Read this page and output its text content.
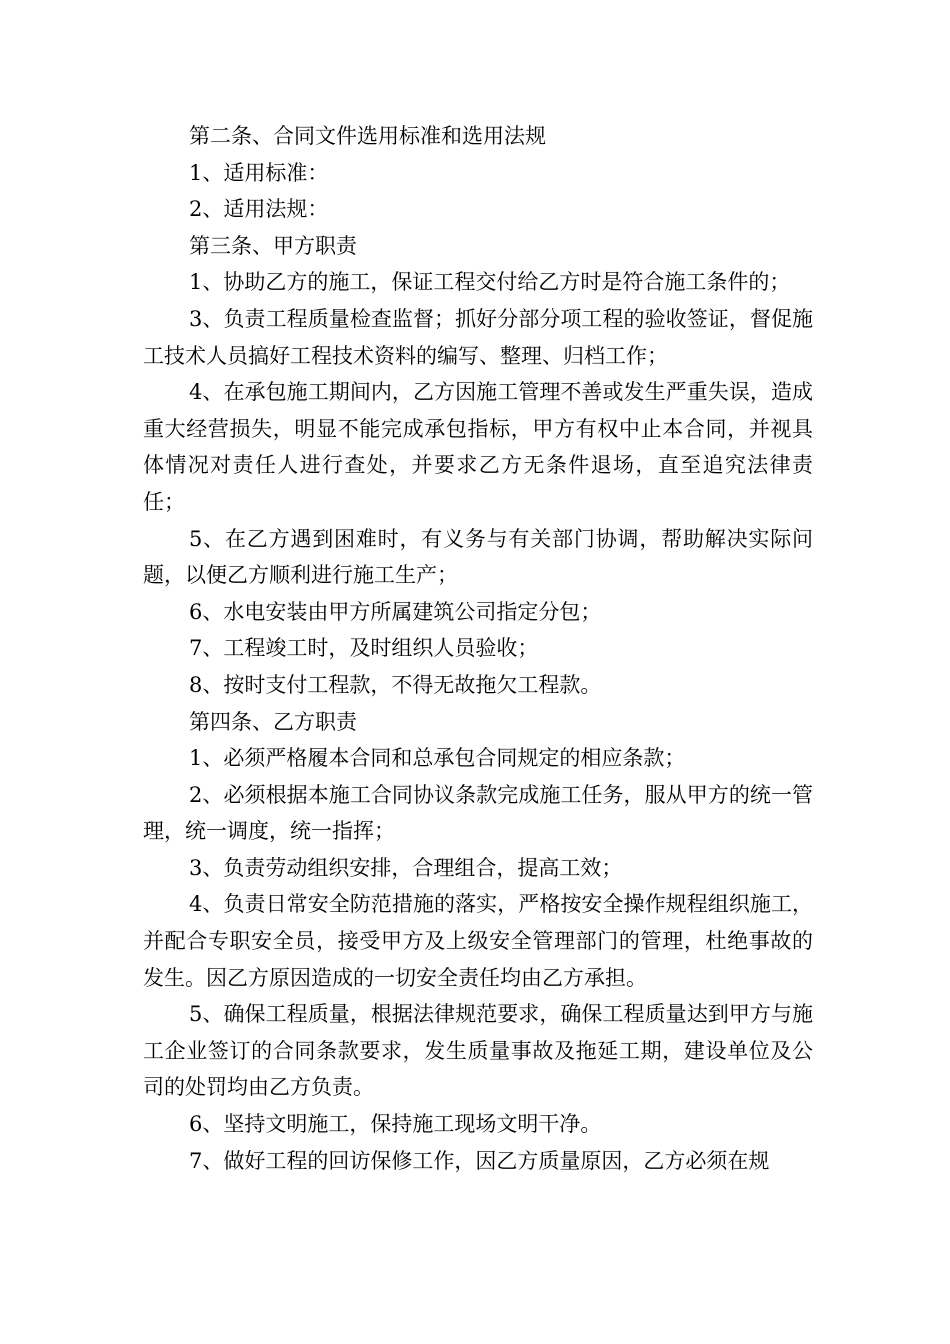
第二条、合同文件选用标准和选用法规

1、适用标准：

2、适用法规：

第三条、甲方职责

1、协助乙方的施工，保证工程交付给乙方时是符合施工条件的；

3、负责工程质量检查监督；抓好分部分项工程的验收签证，督促施工技术人员搞好工程技术资料的编写、整理、归档工作；

4、在承包施工期间内，乙方因施工管理不善或发生严重失误，造成重大经营损失，明显不能完成承包指标，甲方有权中止本合同，并视具体情况对责任人进行查处，并要求乙方无条件退场，直至追究法律责任；

5、在乙方遇到困难时，有义务与有关部门协调，帮助解决实际问题，以便乙方顺利进行施工生产；

6、水电安装由甲方所属建筑公司指定分包；

7、工程竣工时，及时组织人员验收；

8、按时支付工程款，不得无故拖欠工程款。

第四条、乙方职责

1、必须严格履本合同和总承包合同规定的相应条款；

2、必须根据本施工合同协议条款完成施工任务，服从甲方的统一管理，统一调度，统一指挥；

3、负责劳动组织安排，合理组合，提高工效；

4、负责日常安全防范措施的落实，严格按安全操作规程组织施工，并配合专职安全员，接受甲方及上级安全管理部门的管理，杜绝事故的发生。因乙方原因造成的一切安全责任均由乙方承担。

5、确保工程质量，根据法律规范要求，确保工程质量达到甲方与施工企业签订的合同条款要求，发生质量事故及拖延工期，建设单位及公司的处罚均由乙方负责。

6、坚持文明施工，保持施工现场文明干净。

7、做好工程的回访保修工作，因乙方质量原因，乙方必须在规
